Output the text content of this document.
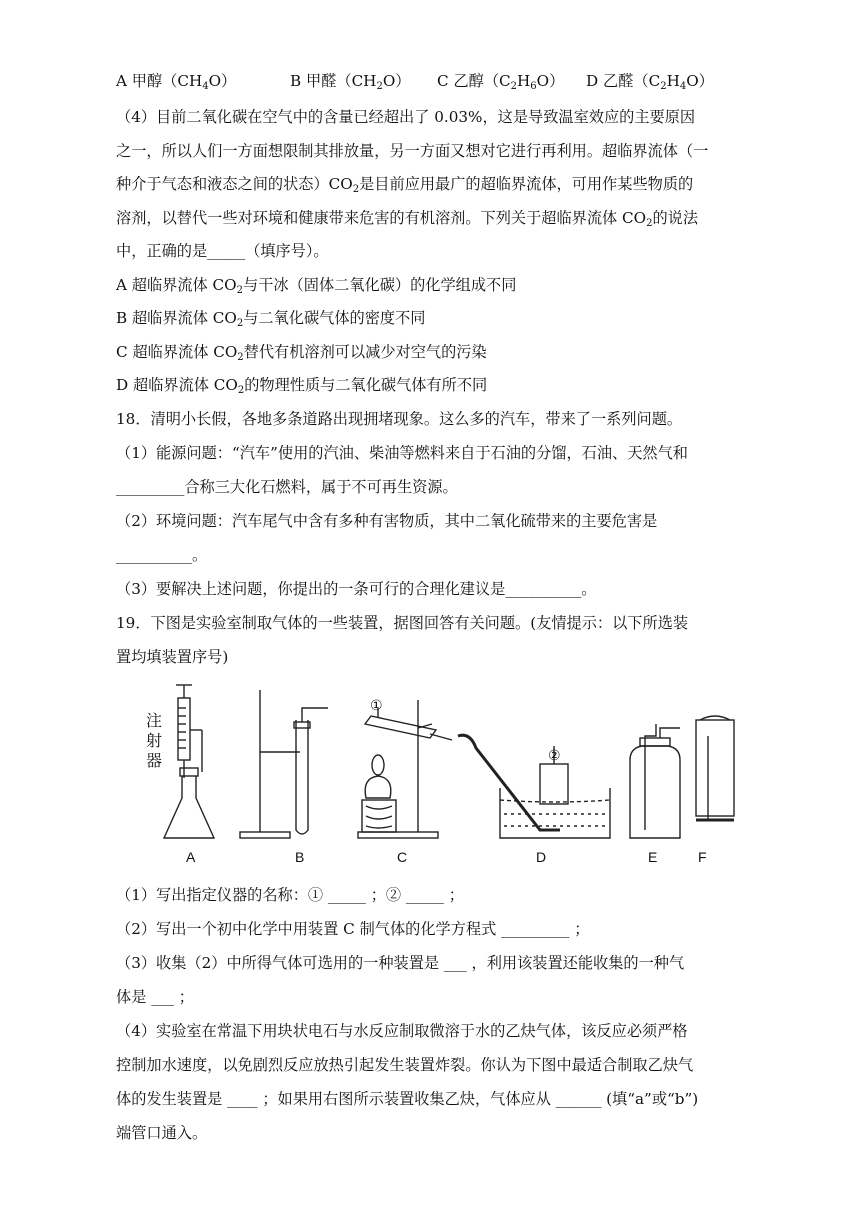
A 甲醇（CH4O）	B 甲醛（CH2O） C 乙醇（C2H6O） D 乙醛（C2H4O）
（4）目前二氧化碳在空气中的含量已经超出了 0.03%，这是导致温室效应的主要原因
之一，所以人们一方面想限制其排放量，另一方面又想对它进行再利用。超临界流体（一
种介于气态和液态之间的状态）CO2是目前应用最广的超临界流体，可用作某些物质的
溶剂，以替代一些对环境和健康带来危害的有机溶剂。下列关于超临界流体 CO2的说法
中，正确的是_____（填序号）。
A 超临界流体 CO2与干冰（固体二氧化碳）的化学组成不同
B 超临界流体 CO2与二氧化碳气体的密度不同
C 超临界流体 CO2替代有机溶剂可以减少对空气的污染
D 超临界流体 CO2的物理性质与二氧化碳气体有所不同
18．清明小长假，各地多条道路出现拥堵现象。这么多的汽车，带来了一系列问题。
（1）能源问题：“汽车”使用的汽油、柴油等燃料来自于石油的分馏，石油、天然气和
_________合称三大化石燃料，属于不可再生资源。
（2）环境问题：汽车尾气中含有多种有害物质，其中二氧化硫带来的主要危害是
__________。
（3）要解决上述问题，你提出的一条可行的合理化建议是__________。
19．下图是实验室制取气体的一些装置，据图回答有关问题。(友情提示：以下所选装
置均填装置序号)
注
射
器
①
②
A	B	C	D	E	F
（1）写出指定仪器的名称：① _____ ；② _____ ；
（2）写出一个初中化学中用装置 C 制气体的化学方程式 _________ ；
（3）收集（2）中所得气体可选用的一种装置是 ___ ，利用该装置还能收集的一种气
体是 ___ ；
（4）实验室在常温下用块状电石与水反应制取微溶于水的乙炔气体，该反应必须严格
控制加水速度，以免剧烈反应放热引起发生装置炸裂。你认为下图中最适合制取乙炔气
体的发生装置是 ____ ；如果用右图所示装置收集乙炔，气体应从 ______ (填“a”或“b”)
端管口通入。
